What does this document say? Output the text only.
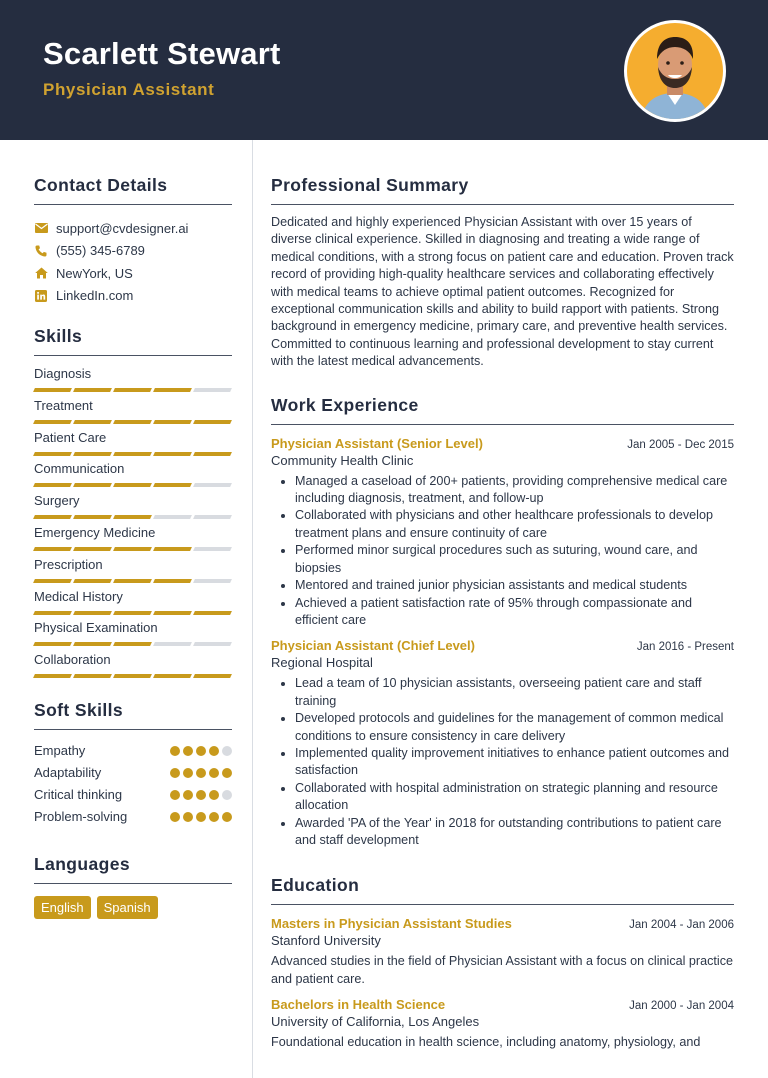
Scarlett Stewart
Physician Assistant
Contact Details
support@cvdesigner.ai
(555) 345-6789
NewYork, US
LinkedIn.com
Skills
Diagnosis
Treatment
Patient Care
Communication
Surgery
Emergency Medicine
Prescription
Medical History
Physical Examination
Collaboration
Soft Skills
Empathy
Adaptability
Critical thinking
Problem-solving
Languages
English	Spanish
Professional Summary

Dedicated and highly experienced Physician Assistant with over 15 years of diverse clinical experience. Skilled in diagnosing and treating a wide range of medical conditions, with a strong focus on patient care and education. Proven track record of providing high-quality healthcare services and collaborating effectively with medical teams to achieve optimal patient outcomes. Recognized for exceptional communication skills and ability to build rapport with patients. Strong background in emergency medicine, primary care, and preventive health services. Committed to continuous learning and professional development to stay current with the latest medical advancements.

Work Experience
Physician Assistant (Senior Level)	Jan 2005 - Dec 2015
Community Health Clinic
• Managed a caseload of 200+ patients, providing comprehensive medical care including diagnosis, treatment, and follow-up
• Collaborated with physicians and other healthcare professionals to develop treatment plans and ensure continuity of care
• Performed minor surgical procedures such as suturing, wound care, and biopsies
• Mentored and trained junior physician assistants and medical students
• Achieved a patient satisfaction rate of 95% through compassionate and efficient care
Physician Assistant (Chief Level)	Jan 2016 - Present
Regional Hospital
• Lead a team of 10 physician assistants, overseeing patient care and staff training
• Developed protocols and guidelines for the management of common medical conditions to ensure consistency in care delivery
• Implemented quality improvement initiatives to enhance patient outcomes and satisfaction
• Collaborated with hospital administration on strategic planning and resource allocation
• Awarded 'PA of the Year' in 2018 for outstanding contributions to patient care and staff development
Education
Masters in Physician Assistant Studies	Jan 2004 - Jan 2006
Stanford University

Advanced studies in the field of Physician Assistant with a focus on clinical practice and patient care.

Bachelors in Health Science	Jan 2000 - Jan 2004
University of California, Los Angeles

Foundational education in health science, including anatomy, physiology, and
